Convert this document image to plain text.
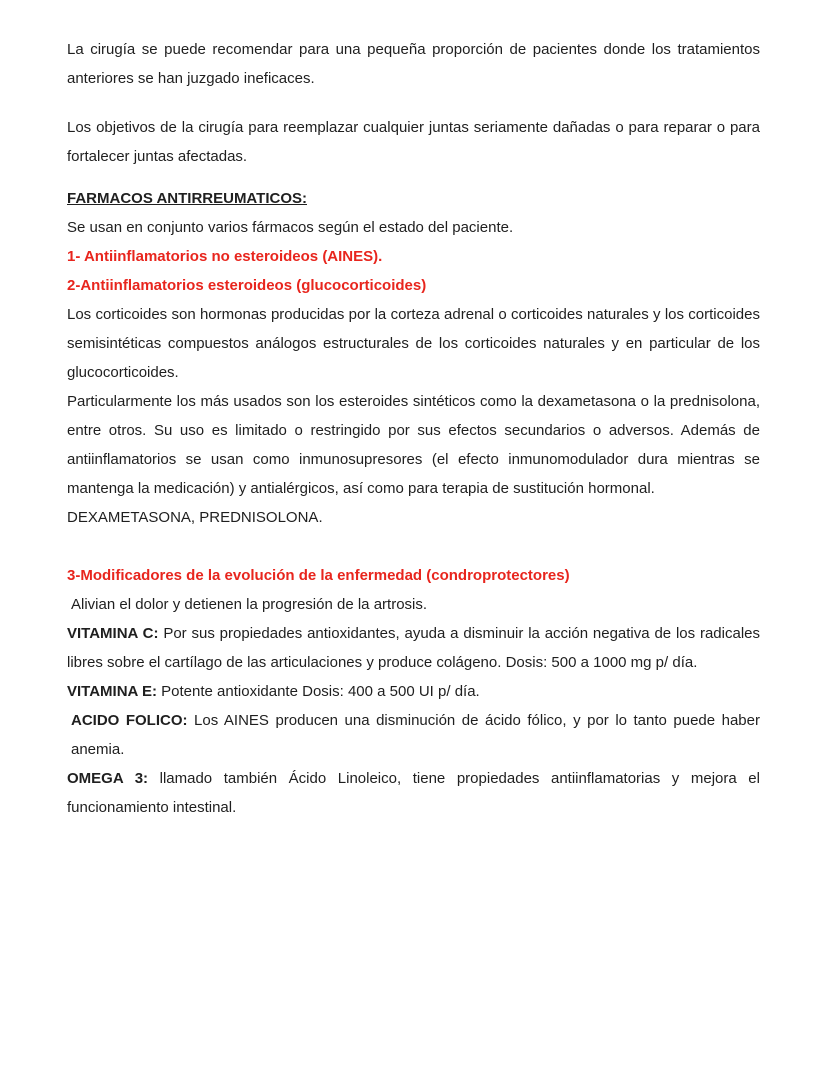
La cirugía se puede recomendar para una pequeña proporción de pacientes donde los tratamientos anteriores se han juzgado ineficaces.

Los objetivos de la cirugía para reemplazar cualquier juntas seriamente dañadas o para reparar o para fortalecer juntas afectadas.

FARMACOS ANTIRREUMATICOS:

Se usan en conjunto varios fármacos según el estado del paciente.

1- Antiinflamatorios no esteroideos (AINES).

2-Antiinflamatorios esteroideos (glucocorticoides)

Los corticoides son hormonas producidas por la corteza adrenal o corticoides naturales y los corticoides semisintéticas compuestos análogos estructurales de los corticoides naturales y en particular de los glucocorticoides.

Particularmente los más usados son los esteroides sintéticos como la dexametasona o la prednisolona, entre otros. Su uso es limitado o restringido por sus efectos secundarios o adversos. Además de antiinflamatorios se usan como inmunosupresores (el efecto inmunomodulador dura mientras se mantenga la medicación) y antialérgicos, así como para terapia de sustitución hormonal.

DEXAMETASONA, PREDNISOLONA.

3-Modificadores de la evolución de la enfermedad (condroprotectores)

Alivian el dolor y detienen la progresión de la artrosis.

VITAMINA C: Por sus propiedades antioxidantes, ayuda a disminuir la acción negativa de los radicales libres sobre el cartílago de las articulaciones y produce colágeno. Dosis: 500 a 1000 mg p/ día.

VITAMINA E: Potente antioxidante Dosis: 400 a 500 UI p/ día.

ACIDO FOLICO: Los AINES producen una disminución de ácido fólico, y por lo tanto puede haber anemia.

OMEGA 3: llamado también Ácido Linoleico, tiene propiedades antiinflamatorias y mejora el funcionamiento intestinal.
